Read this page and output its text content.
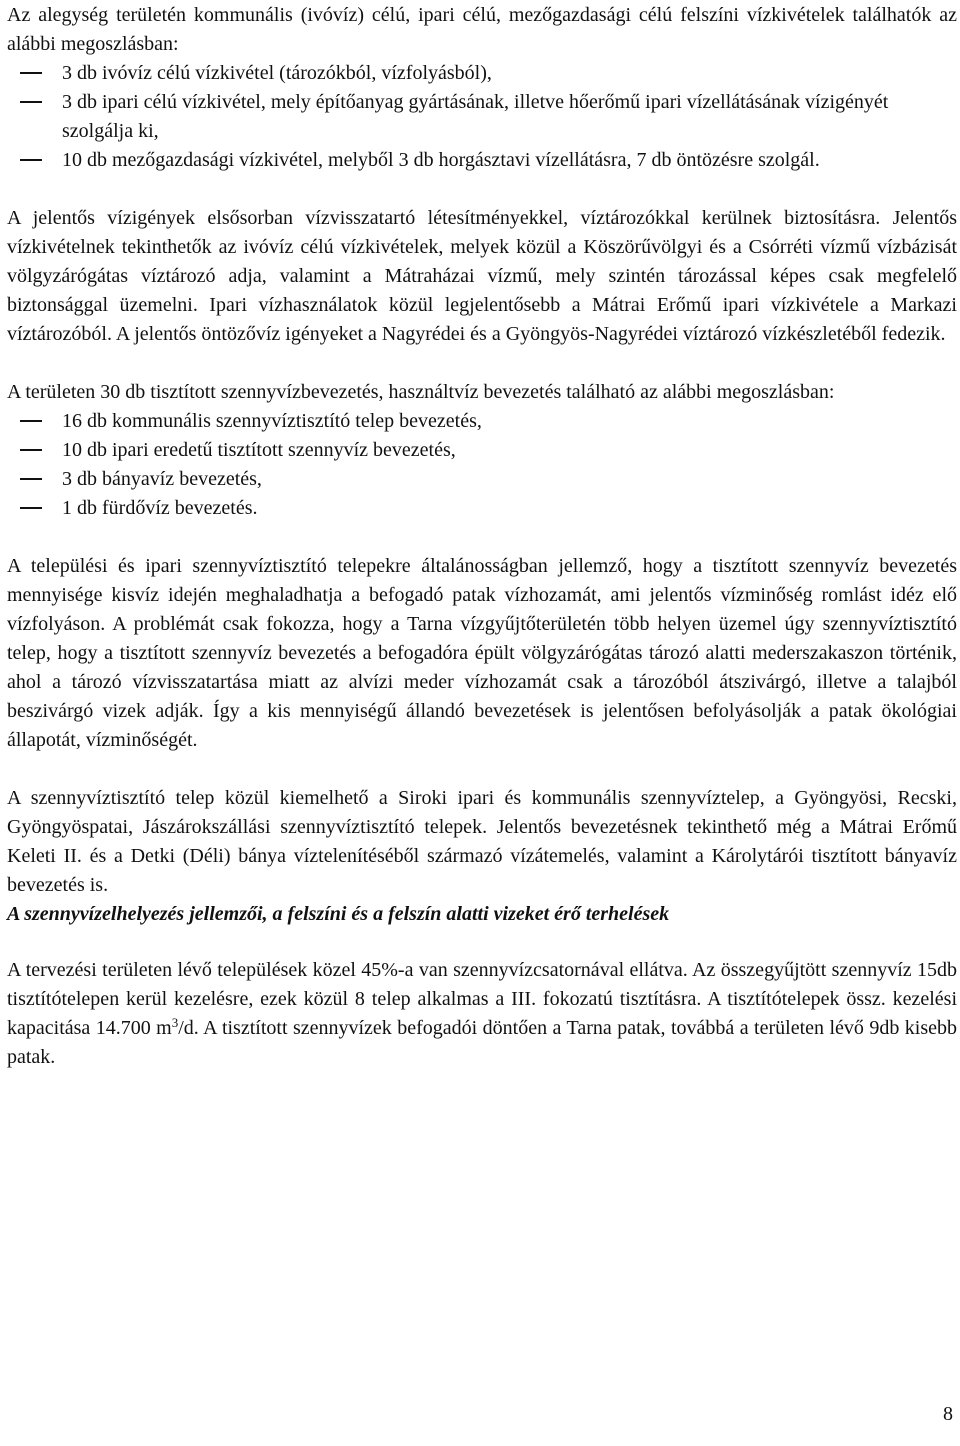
Az alegység területén kommunális (ivóvíz) célú, ipari célú, mezőgazdasági célú felszíni vízkivételek találhatók az alábbi megoszlásban:

3 db ivóvíz célú vízkivétel (tározókból, vízfolyásból),
3 db ipari célú vízkivétel, mely építőanyag gyártásának, illetve hőerőmű ipari vízellátásának vízigényét szolgálja ki,
10 db mezőgazdasági vízkivétel, melyből 3 db horgásztavi vízellátásra, 7 db öntözésre szolgál.

A jelentős vízigények elsősorban vízvisszatartó létesítményekkel, víztározókkal kerülnek biztosításra. Jelentős vízkivételnek tekinthetők az ivóvíz célú vízkivételek, melyek közül a Köszörűvölgyi és a Csórréti vízmű vízbázisát völgyzárógátas víztározó adja, valamint a Mátraházai vízmű, mely szintén tározással képes csak megfelelő biztonsággal üzemelni. Ipari vízhasználatok közül legjelentősebb a Mátrai Erőmű ipari vízkivétele a Markazi víztározóból. A jelentős öntözővíz igényeket a Nagyrédei és a Gyöngyös-Nagyrédei víztározó vízkészletéből fedezik.

A területen 30 db tisztított szennyvízbevezetés, használtvíz bevezetés található az alábbi megoszlásban:

16 db kommunális szennyvíztisztító telep bevezetés,
10 db ipari eredetű tisztított szennyvíz bevezetés,
3 db bányavíz bevezetés,
1 db fürdővíz bevezetés.

A települési és ipari szennyvíztisztító telepekre általánosságban jellemző, hogy a tisztított szennyvíz bevezetés mennyisége kisvíz idején meghaladhatja a befogadó patak vízhozamát, ami jelentős vízminőség romlást idéz elő vízfolyáson. A problémát csak fokozza, hogy a Tarna vízgyűjtőterületén több helyen üzemel úgy szennyvíztisztító telep, hogy a tisztított szennyvíz bevezetés a befogadóra épült völgyzárógátas tározó alatti mederszakaszon történik, ahol a tározó vízvisszatartása miatt az alvízi meder vízhozamát csak a tározóból átszivárgó, illetve a talajból beszivárgó vizek adják. Így a kis mennyiségű állandó bevezetések is jelentősen befolyásolják a patak ökológiai állapotát, vízminőségét.

A szennyvíztisztító telep közül kiemelhető a Siroki ipari és kommunális szennyvíztelep, a Gyöngyösi, Recski, Gyöngyöspatai, Jászárokszállási szennyvíztisztító telepek. Jelentős bevezetésnek tekinthető még a Mátrai Erőmű Keleti II. és a Detki (Déli) bánya víztelenítéséből származó vízátemelés, valamint a Károlytárói tisztított bányavíz bevezetés is.

A szennyvízelhelyezés jellemzői, a felszíni és a felszín alatti vizeket érő terhelések

A tervezési területen lévő települések közel 45%-a van szennyvízcsatornával ellátva. Az összegyűjtött szennyvíz 15db tisztítótelepen kerül kezelésre, ezek közül 8 telep alkalmas a III. fokozatú tisztításra. A tisztítótelepek össz. kezelési kapacitása 14.700 $m^3/d$. A tisztított szennyvízek befogadói döntően a Tarna patak, továbbá a területen lévő 9db kisebb patak.

8
